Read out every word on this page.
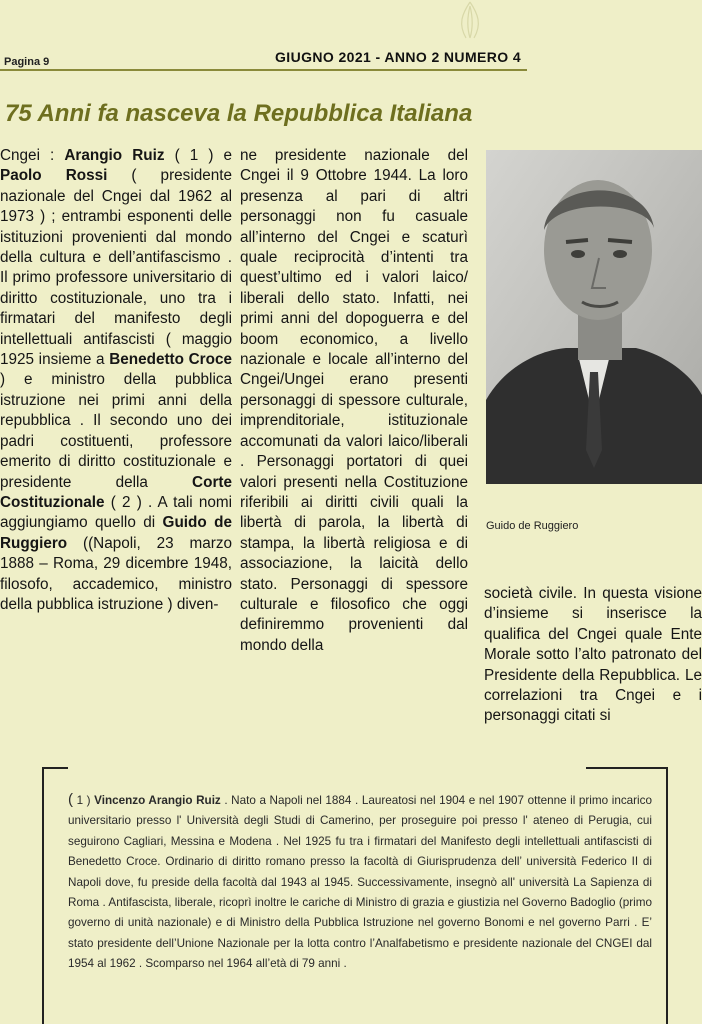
Pagina 9	GIUGNO 2021 - ANNO 2 NUMERO 4
75 Anni fa nasceva la Repubblica Italiana
Cngei : Arangio Ruiz ( 1 ) e Paolo Rossi ( presidente nazionale del Cngei dal 1962 al 1973 ) ; entrambi esponenti delle istituzioni provenienti dal mondo della cultura e dell’antifascismo . Il primo professore universitario di diritto costituzionale, uno tra i firmatari del manifesto degli intellettuali antifascisti ( maggio 1925 insieme a Benedetto Croce ) e ministro della pubblica istruzione nei primi anni della repubblica . Il secondo uno dei padri costituenti, professore emerito di diritto costituzionale e presidente della Corte Costituzionale ( 2 ) . A tali nomi aggiungiamo quello di Guido de Ruggiero ((Napoli, 23 marzo 1888 – Roma, 29 dicembre 1948, filosofo, accademico, ministro della pubblica istruzione ) diven-
ne presidente nazionale del Cngei il 9 Ottobre 1944. La loro presenza al pari di altri personaggi non fu casuale all’interno del Cngei e scaturì quale reciprocità d’intenti tra quest’ultimo ed i valori laico/ liberali dello stato. Infatti, nei primi anni del dopoguerra e del boom economico, a livello nazionale e locale all’interno del Cngei/Ungei erano presenti personaggi di spessore culturale, imprenditoriale, istituzionale accomunati da valori laico/liberali . Personaggi portatori di quei valori presenti nella Costituzione riferibili ai diritti civili quali la libertà di parola, la libertà di stampa, la libertà religiosa e di associazione, la laicità dello stato. Personaggi di spessore culturale e filosofico che oggi definiremmo provenienti dal mondo della
Guido de Ruggiero
società civile. In questa visione d’insieme si inserisce la qualifica del Cngei quale Ente Morale sotto l’alto patronato del Presidente della Repubblica. Le correlazioni tra Cngei e i personaggi citati si
( 1 ) Vincenzo Arangio Ruiz . Nato a Napoli nel 1884 . Laureatosi nel 1904 e nel 1907 ottenne il primo incarico universitario presso l' Università degli Studi di Camerino, per proseguire poi presso l' ateneo di Perugia, cui seguirono Cagliari, Messina e Modena . Nel 1925 fu tra i firmatari del Manifesto degli intellettuali antifascisti di Benedetto Croce. Ordinario di diritto romano presso la facoltà di Giurisprudenza dell’ università Federico II di Napoli dove, fu preside della facoltà dal 1943 al 1945. Successivamente, insegnò all' università La Sapienza di Roma . Antifascista, liberale, ricoprì inoltre le cariche di Ministro di grazia e giustizia nel Governo Badoglio (primo governo di unità nazionale) e di Ministro della Pubblica Istruzione nel governo Bonomi e nel governo Parri . E’ stato presidente dell’Unione Nazionale per la lotta contro l’Analfabetismo e presidente nazionale del CNGEI dal 1954 al 1962 . Scomparso nel 1964 all’età di 79 anni .
